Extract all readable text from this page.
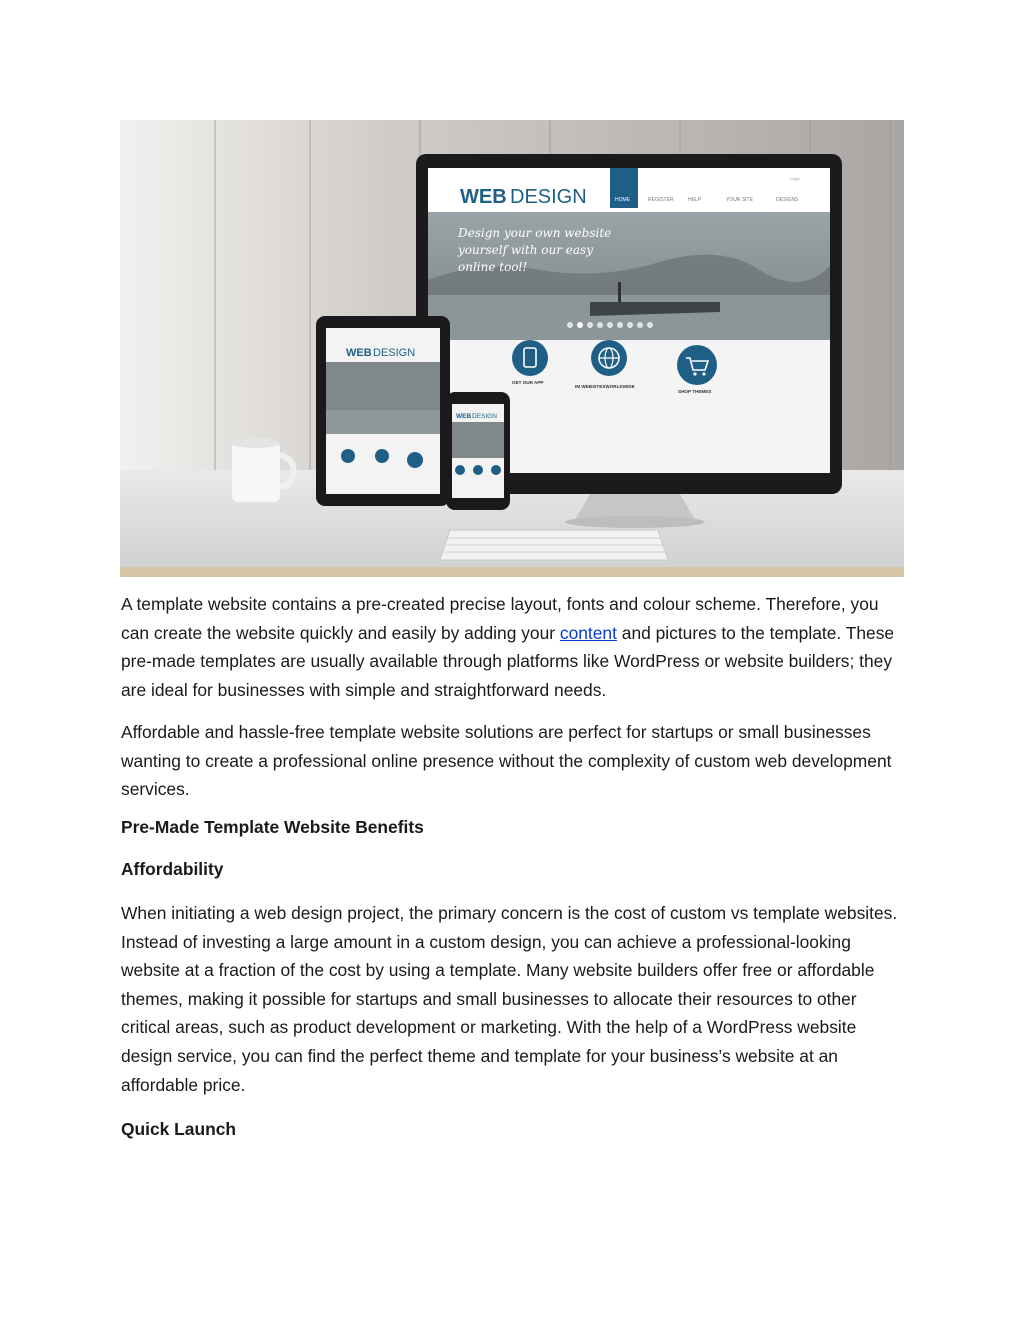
WEB DESIGN	HOME	REGISTER	HELP	YOUR SITE	DESIGNS
Login
Design your own website
yourself with our easy
online tool!
GET OUR APP
IM WEBSITESWORLDWIDE
SHOP THEMES
WEB DESIGN
WEB DESIGN

A template website contains a pre-created precise layout, fonts and colour scheme. Therefore, you can create the website quickly and easily by adding your content and pictures to the template. These pre-made templates are usually available through platforms like WordPress or website builders; they are ideal for businesses with simple and straightforward needs.

Affordable and hassle-free template website solutions are perfect for startups or small businesses wanting to create a professional online presence without the complexity of custom web development services.

Pre-Made Template Website Benefits
Affordability

When initiating a web design project, the primary concern is the cost of custom vs template websites. Instead of investing a large amount in a custom design, you can achieve a professional-looking website at a fraction of the cost by using a template. Many website builders offer free or affordable themes, making it possible for startups and small businesses to allocate their resources to other critical areas, such as product development or marketing. With the help of a WordPress website design service, you can find the perfect theme and template for your business’s website at an affordable price.

Quick Launch
